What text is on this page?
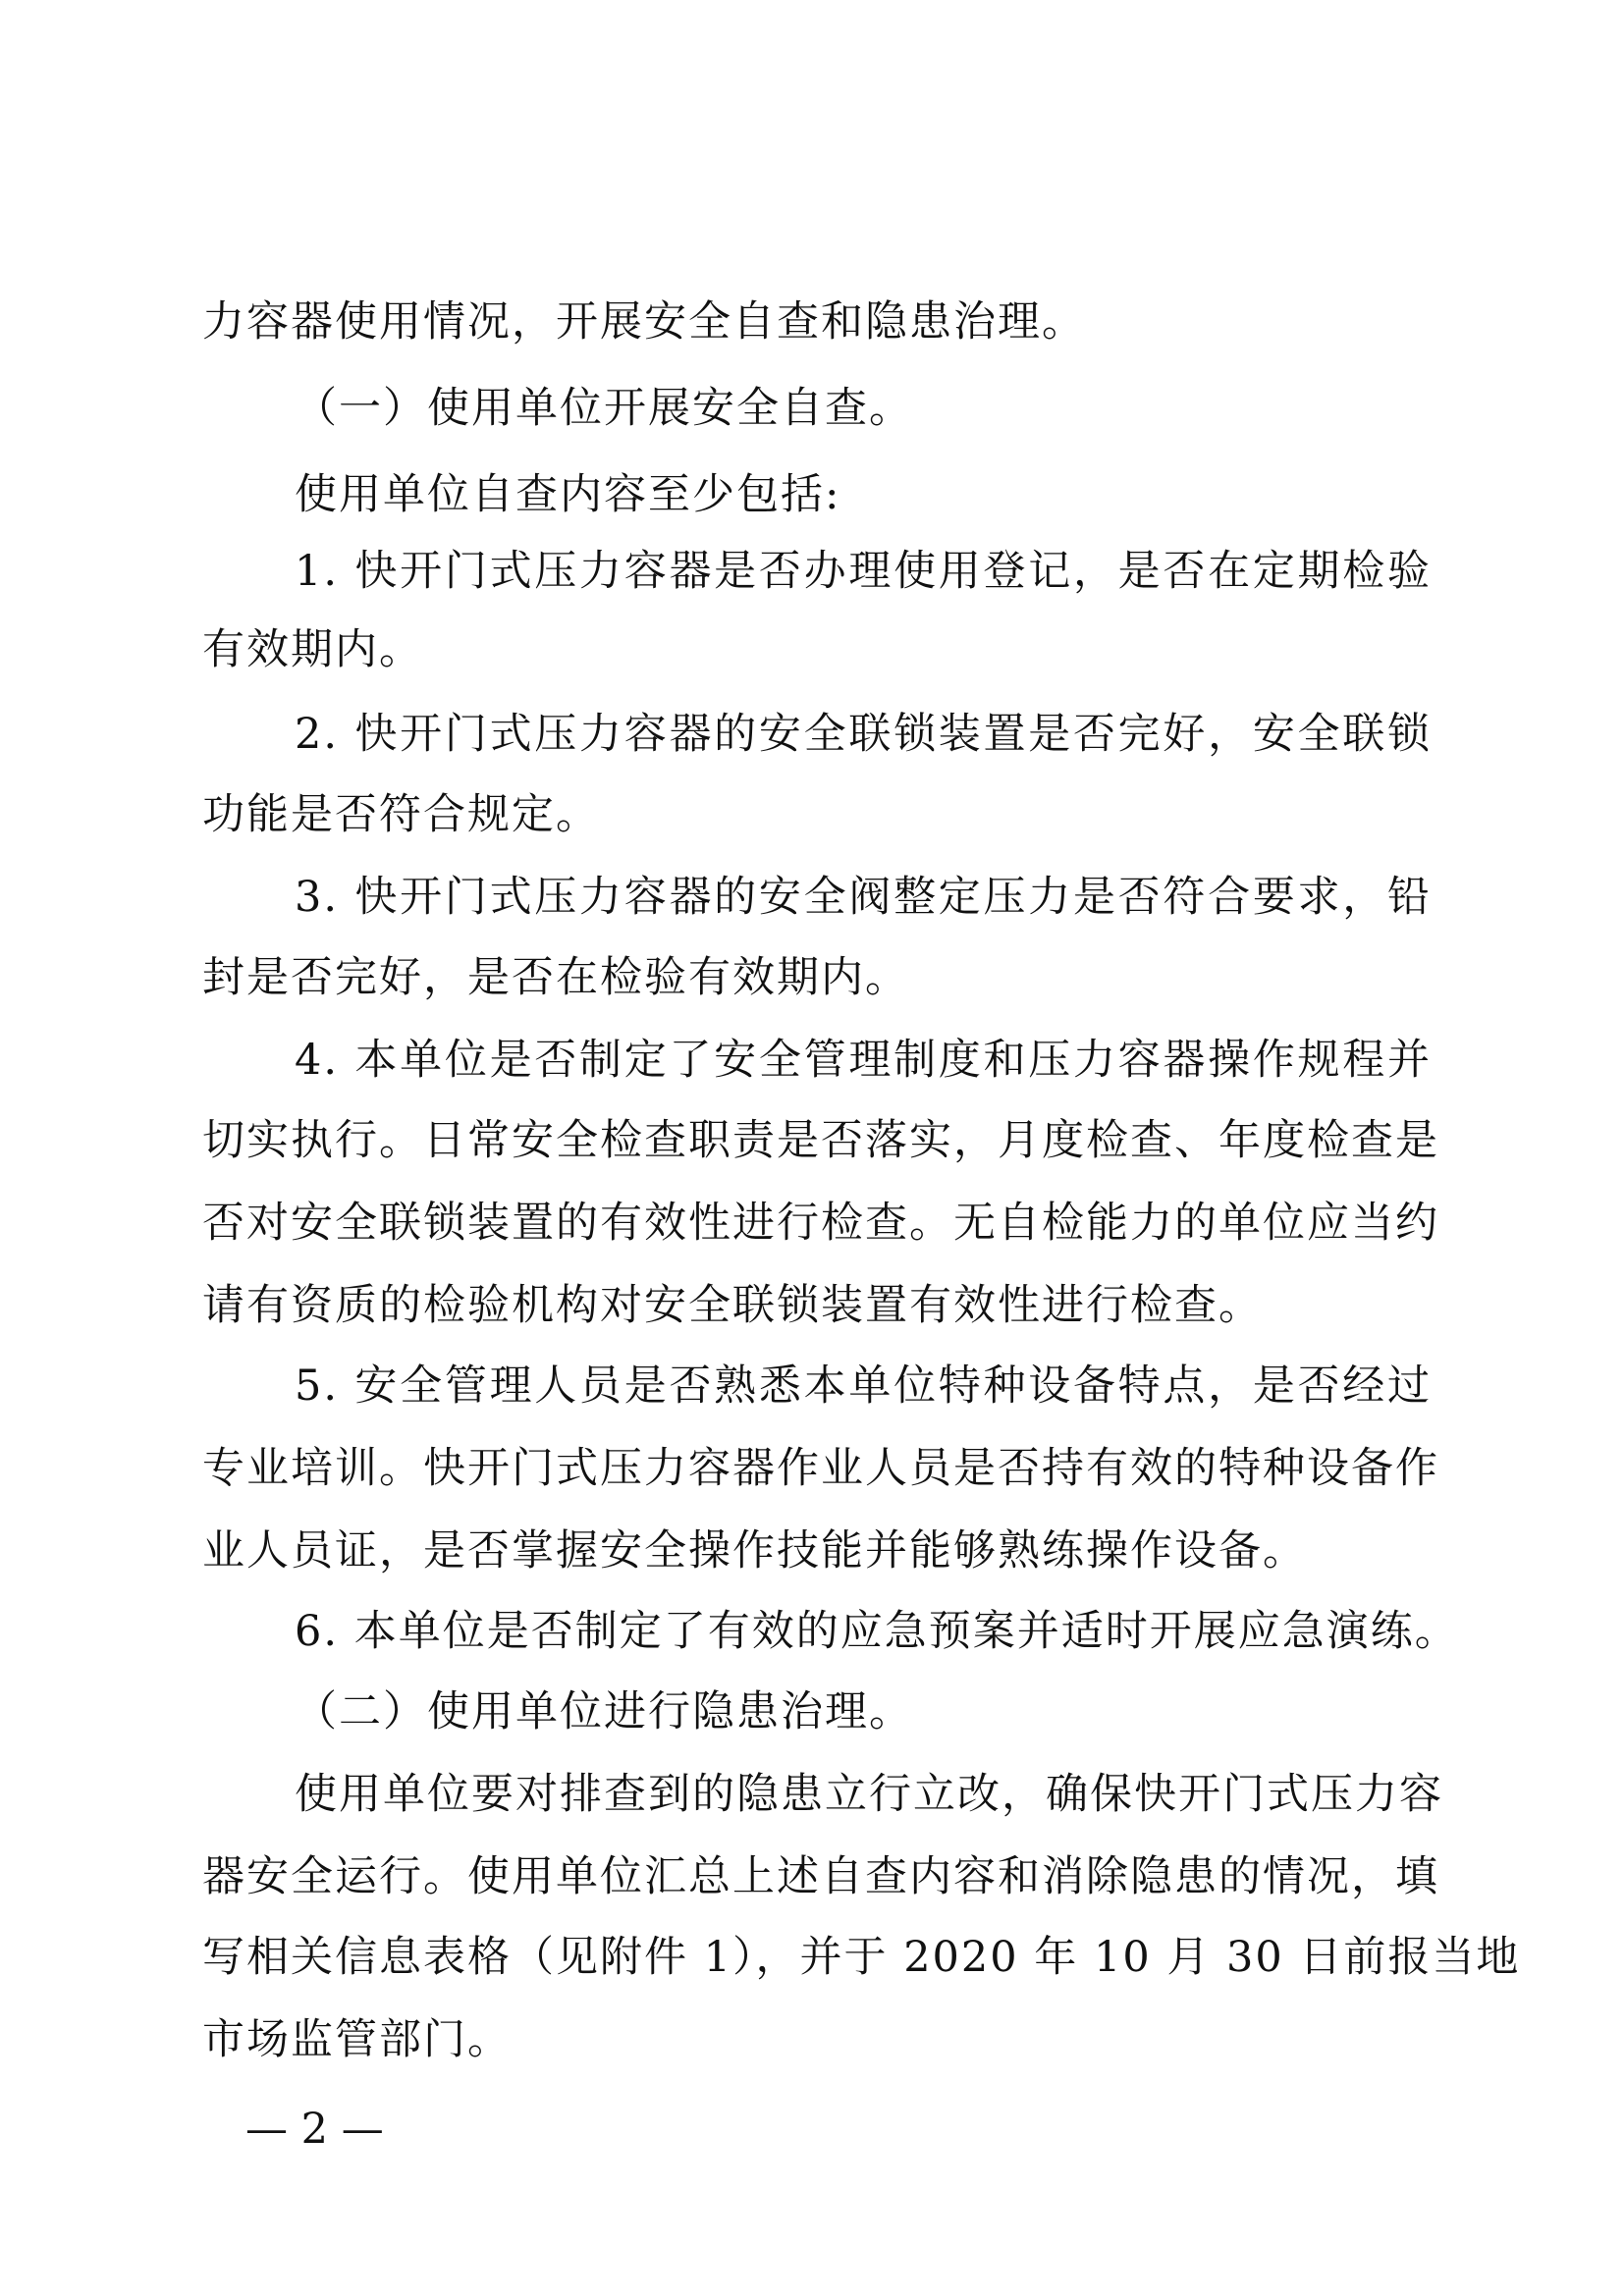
力容器使用情况，开展安全自查和隐患治理。
（一）使用单位开展安全自查。
使用单位自查内容至少包括:
1. 快开门式压力容器是否办理使用登记，是否在定期检验
有效期内。
2. 快开门式压力容器的安全联锁装置是否完好，安全联锁
功能是否符合规定。
3. 快开门式压力容器的安全阀整定压力是否符合要求，铅
封是否完好，是否在检验有效期内。
4. 本单位是否制定了安全管理制度和压力容器操作规程并
切实执行。日常安全检查职责是否落实，月度检查、年度检查是
否对安全联锁装置的有效性进行检查。无自检能力的单位应当约
请有资质的检验机构对安全联锁装置有效性进行检查。
5. 安全管理人员是否熟悉本单位特种设备特点，是否经过
专业培训。快开门式压力容器作业人员是否持有效的特种设备作
业人员证，是否掌握安全操作技能并能够熟练操作设备。
6. 本单位是否制定了有效的应急预案并适时开展应急演练。
（二）使用单位进行隐患治理。
使用单位要对排查到的隐患立行立改，确保快开门式压力容
器安全运行。使用单位汇总上述自查内容和消除隐患的情况，填
写相关信息表格（见附件 1），并于 2020 年 10 月 30 日前报当地
市场监管部门。
— 2 —
